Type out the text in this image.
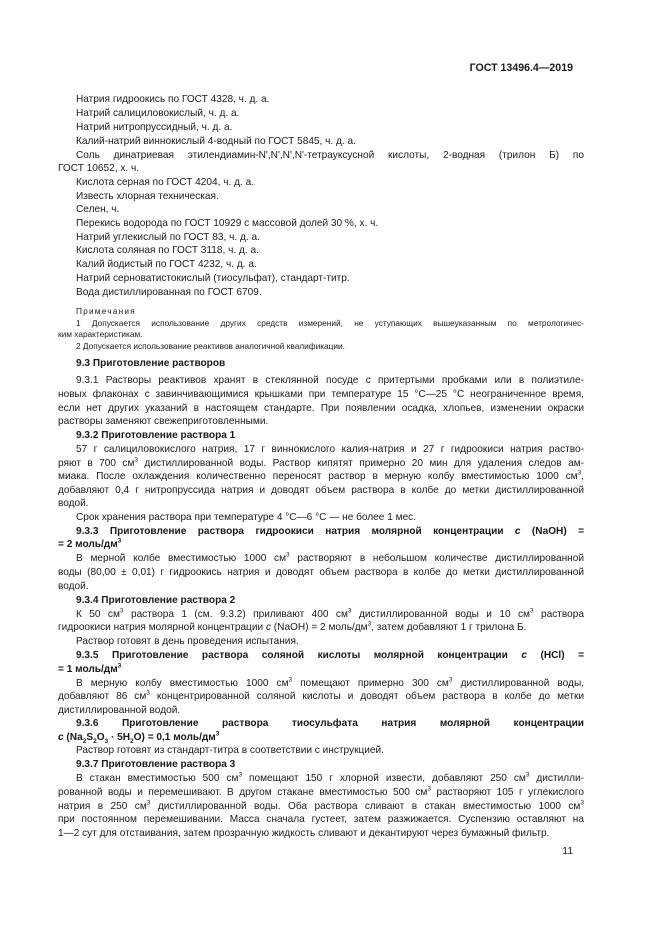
ГОСТ 13496.4—2019
Натрия гидроокись по ГОСТ 4328, ч. д. а.
Натрий салициловокислый, ч. д. а.
Натрий нитропруссидный, ч. д. а.
Калий-натрий виннокислый 4-водный по ГОСТ 5845, ч. д. а.
Соль динатриевая этилендиамин-N',N',N',N'-тетрауксусной кислоты, 2-водная (трилон Б) по
ГОСТ 10652, х. ч.
Кислота серная по ГОСТ 4204, ч. д. а.
Известь хлорная техническая.
Селен, ч.
Перекись водорода по ГОСТ 10929 с массовой долей 30 %, х. ч.
Натрий углекислый по ГОСТ 83, ч. д. а.
Кислота соляная по ГОСТ 3118, ч. д. а.
Калий йодистый по ГОСТ 4232, ч. д. а.
Натрий серноватистокислый (тиосульфат), стандарт-титр.
Вода дистиллированная по ГОСТ 6709.
Примечания
1 Допускается использование других средств измерений, не уступающих вышеуказанным по метрологичес-
ким характеристикам.
2 Допускается использование реактивов аналогичной квалификации.
9.3 Приготовление растворов
9.3.1 Растворы реактивов хранят в стеклянной посуде с притертыми пробками или в полиэтиле-
новых флаконах с завинчивающимися крышками при температуре 15 °C—25 °C неограниченное время,
если нет других указаний в настоящем стандарте. При появлении осадка, хлопьев, изменении окраски
растворы заменяют свежеприготовленными.
9.3.2 Приготовление раствора 1
57 г салициловокислого натрия, 17 г виннокислого калия-натрия и 27 г гидроокиси натрия раство-
ряют в 700 $см^3$ дистиллированной воды. Раствор кипятят примерно 20 мин для удаления следов ам-
миака. После охлаждения количественно переносят раствор в мерную колбу вместимостью 1000 $см^3$,
добавляют 0,4 г нитропруссида натрия и доводят объем раствора в колбе до метки дистиллированной
водой.
Срок хранения раствора при температуре 4 °C—6 °C — не более 1 мес.
9.3.3 Приготовление раствора гидроокиси натрия молярной концентрации c (NaOH) =
= 2 моль/$дм^3$
В мерной колбе вместимостью 1000 $см^3$ растворяют в небольшом количестве дистиллированной
воды (80,00 ± 0,01) г гидроокись натрия и доводят объем раствора в колбе до метки дистиллированной
водой.
9.3.4 Приготовление раствора 2
К 50 $см^3$ раствора 1 (см. 9.3.2) приливают 400 $см^3$ дистиллированной воды и 10 $см^3$ раствора
гидроокиси натрия молярной концентрации c (NaOH) = 2 моль/$дм^3$, затем добавляют 1 г трилона Б.
Раствор готовят в день проведения испытания.
9.3.5 Приготовление раствора соляной кислоты молярной концентрации c (HCl) =
= 1 моль/$дм^3$
В мерную колбу вместимостью 1000 $см^3$ помещают примерно 300 $см^3$ дистиллированной воды,
добавляют 86 $см^3$ концентрированной соляной кислоты и доводят объем раствора в колбе до метки
дистиллированной водой.
9.3.6 Приготовление раствора тиосульфата натрия молярной концентрации
c $(Na_2S_2O_3 \cdot 5H_2O) = 0,1$ моль/$дм^3$
Раствор готовят из стандарт-титра в соответствии с инструкцией.
9.3.7 Приготовление раствора 3
В стакан вместимостью 500 $см^3$ помещают 150 г хлорной извести, добавляют 250 $см^3$ дистилли-
рованной воды и перемешивают. В другом стакане вместимостью 500 $см^3$ растворяют 105 г углекислого
натрия в 250 $см^3$ дистиллированной воды. Оба раствора сливают в стакан вместимостью 1000 $см^3$
при постоянном перемешивании. Масса сначала густеет, затем разжижается. Суспензию оставляют на
1—2 сут для отстаивания, затем прозрачную жидкость сливают и декантируют через бумажный фильтр.
11
